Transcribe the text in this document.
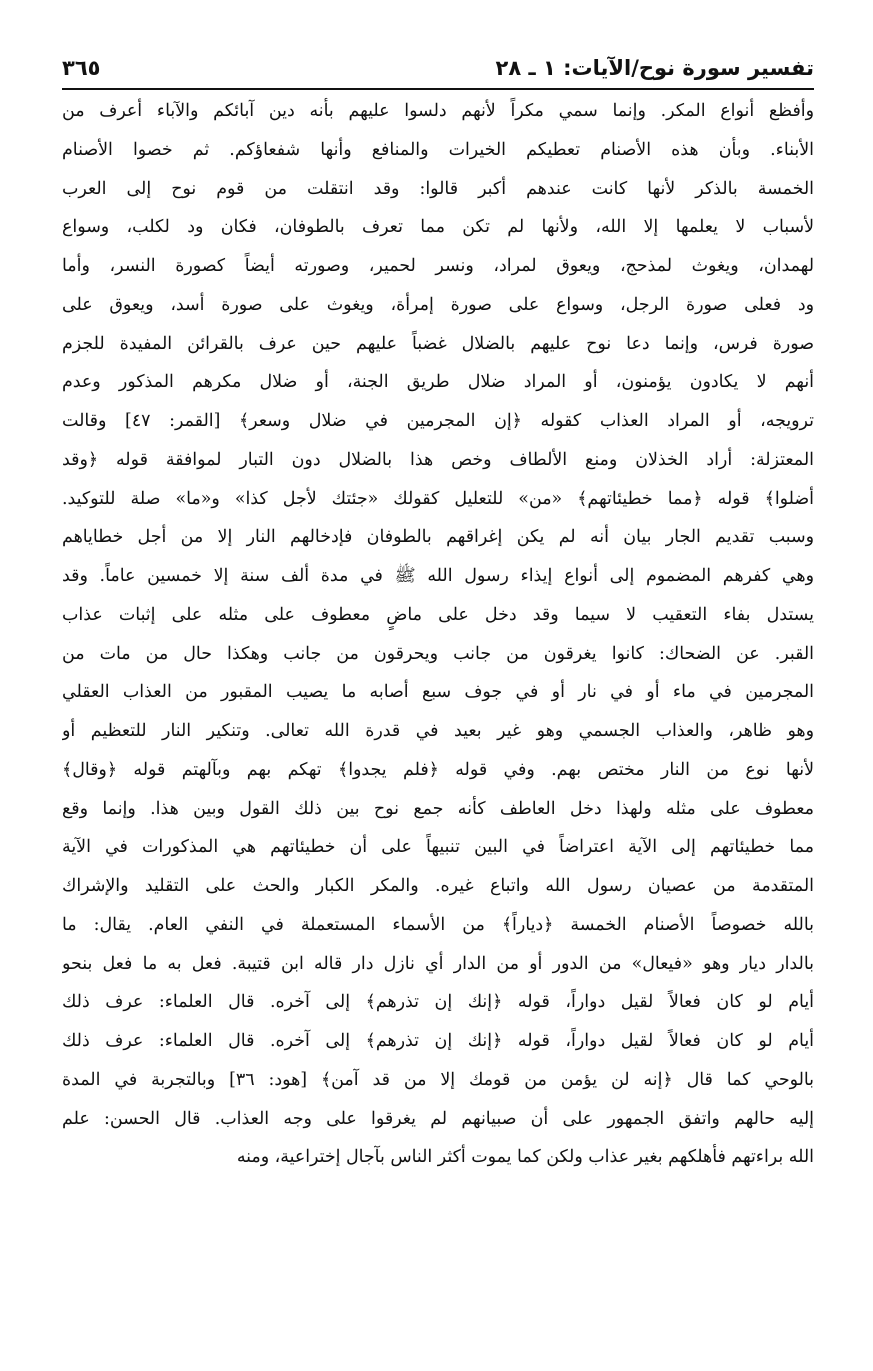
تفسير سورة نوح/الآيات: ١ ـ ٢٨
٣٦٥
وأفظع أنواع المكر. وإنما سمي مكراً لأنهم دلسوا عليهم بأنه دين آبائكم والآباء أعرف من
الأبناء. وبأن هذه الأصنام تعطيكم الخيرات والمنافع وأنها شفعاؤكم. ثم خصوا الأصنام
الخمسة بالذكر لأنها كانت عندهم أكبر قالوا: وقد انتقلت من قوم نوح إلى العرب
لأسباب لا يعلمها إلا الله، ولأنها لم تكن مما تعرف بالطوفان، فكان ود لكلب، وسواع
لهمدان، ويغوث لمذحج، ويعوق لمراد، ونسر لحمير، وصورته أيضاً كصورة النسر، وأما
ود فعلى صورة الرجل، وسواع على صورة إمرأة، ويغوث على صورة أسد، ويعوق على
صورة فرس، وإنما دعا نوح عليهم بالضلال غضباً عليهم حين عرف بالقرائن المفيدة للجزم
أنهم لا يكادون يؤمنون، أو المراد ضلال طريق الجنة، أو ضلال مكرهم المذكور وعدم
ترويجه، أو المراد العذاب كقوله ﴿إن المجرمين في ضلال وسعر﴾ [القمر: ٤٧] وقالت
المعتزلة: أراد الخذلان ومنع الألطاف وخص هذا بالضلال دون التبار لموافقة قوله ﴿وقد
أضلوا﴾ قوله ﴿مما خطيئاتهم﴾ «من» للتعليل كقولك «جئتك لأجل كذا» و«ما» صلة للتوكيد.
وسبب تقديم الجار بيان أنه لم يكن إغراقهم بالطوفان فإدخالهم النار إلا من أجل خطاياهم
وهي كفرهم المضموم إلى أنواع إيذاء رسول الله ﷺ في مدة ألف سنة إلا خمسين عاماً. وقد
يستدل بفاء التعقيب لا سيما وقد دخل على ماضٍ معطوف على مثله على إثبات عذاب
القبر. عن الضحاك: كانوا يغرقون من جانب ويحرقون من جانب وهكذا حال من مات من
المجرمين في ماء أو في نار أو في جوف سبع أصابه ما يصيب المقبور من العذاب العقلي
وهو ظاهر، والعذاب الجسمي وهو غير بعيد في قدرة الله تعالى. وتنكير النار للتعظيم أو
لأنها نوع من النار مختص بهم. وفي قوله ﴿فلم يجدوا﴾ تهكم بهم وبآلهتم قوله ﴿وقال﴾
معطوف على مثله ولهذا دخل العاطف كأنه جمع نوح بين ذلك القول وبين هذا. وإنما وقع
مما خطيئاتهم إلى الآية اعتراضاً في البين تنبيهاً على أن خطيئاتهم هي المذكورات في الآية
المتقدمة من عصيان رسول الله واتباع غيره. والمكر الكبار والحث على التقليد والإشراك
بالله خصوصاً الأصنام الخمسة ﴿دياراً﴾ من الأسماء المستعملة في النفي العام. يقال: ما
بالدار ديار وهو «فيعال» من الدور أو من الدار أي نازل دار قاله ابن قتيبة. فعل به ما فعل بنحو
أيام لو كان فعالاً لقيل دواراً، قوله ﴿إنك إن تذرهم﴾ إلى آخره. قال العلماء: عرف ذلك
أيام لو كان فعالاً لقيل دواراً، قوله ﴿إنك إن تذرهم﴾ إلى آخره. قال العلماء: عرف ذلك
بالوحي كما قال ﴿إنه لن يؤمن من قومك إلا من قد آمن﴾ [هود: ٣٦] وبالتجربة في المدة
إليه حالهم واتفق الجمهور على أن صبيانهم لم يغرقوا على وجه العذاب. قال الحسن: علم
الله براءتهم فأهلكهم بغير عذاب ولكن كما يموت أكثر الناس بآجال إختراعية، ومنه
